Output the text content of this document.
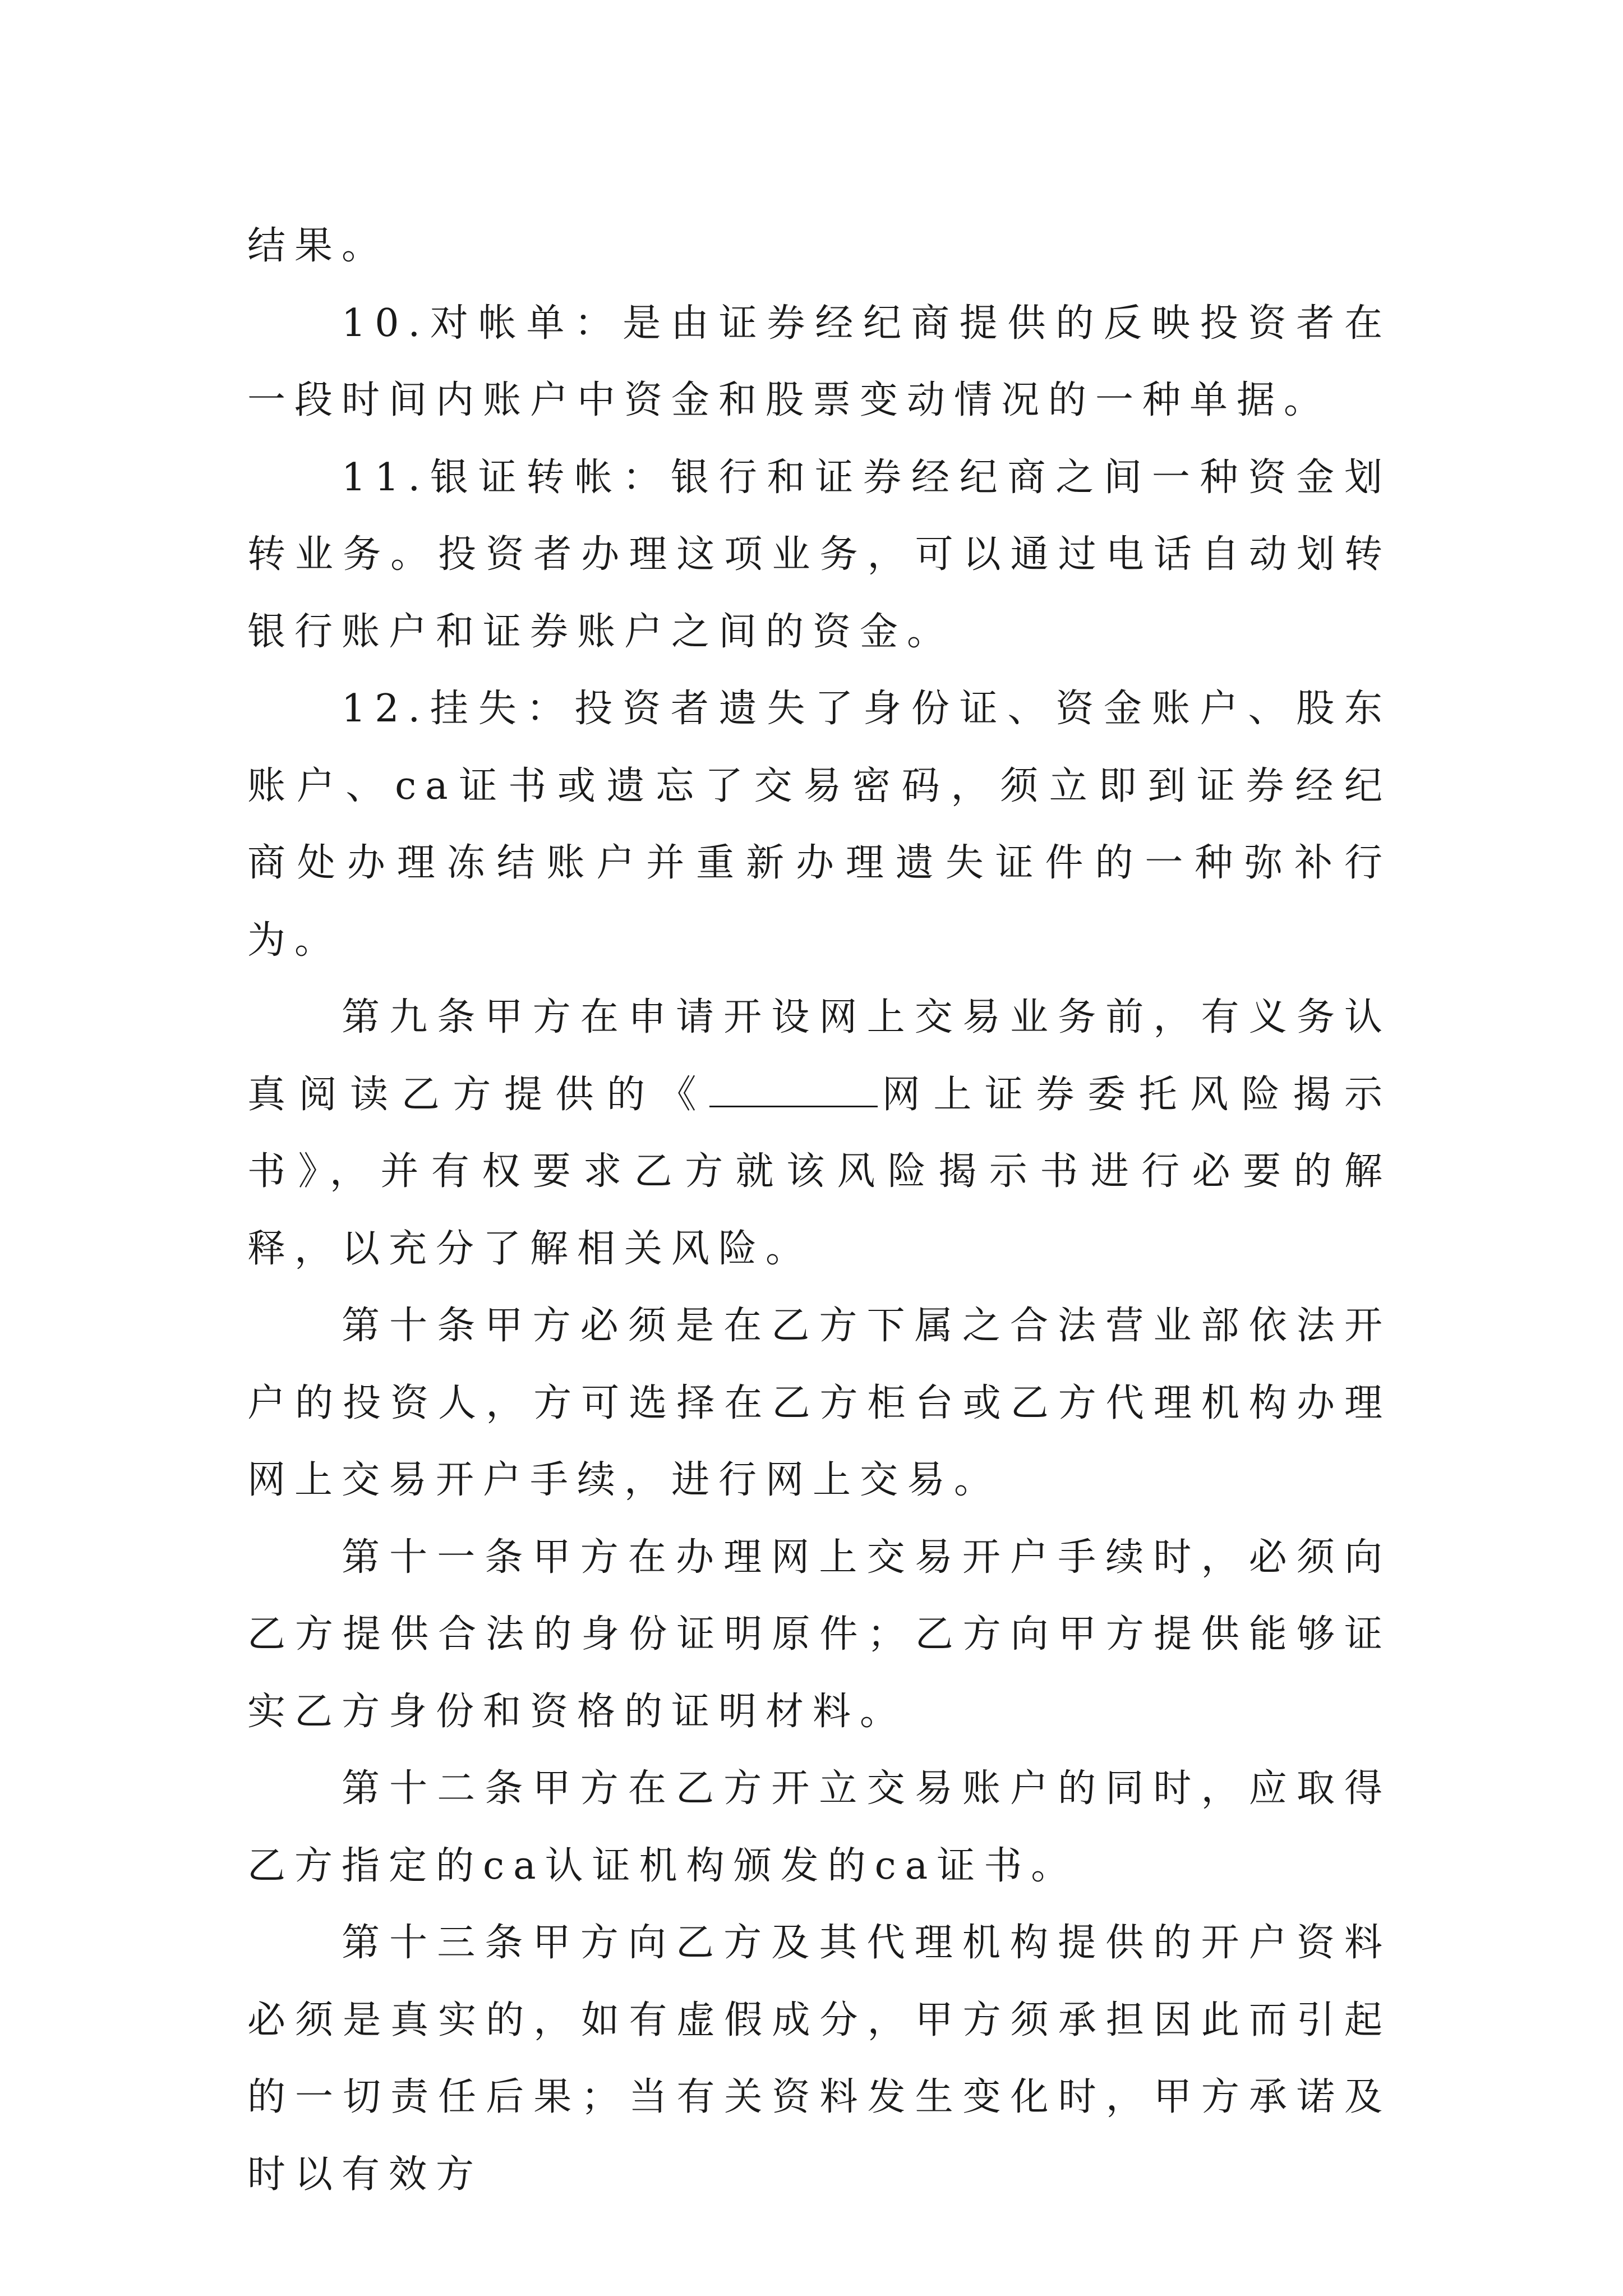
结果。

10.对帐单：是由证券经纪商提供的反映投资者在一段时间内账户中资金和股票变动情况的一种单据。

11.银证转帐：银行和证券经纪商之间一种资金划转业务。投资者办理这项业务，可以通过电话自动划转银行账户和证券账户之间的资金。

12.挂失：投资者遗失了身份证、资金账户、股东账户、ca证书或遗忘了交易密码，须立即到证券经纪商处办理冻结账户并重新办理遗失证件的一种弥补行为。

第九条甲方在申请开设网上交易业务前，有义务认真阅读乙方提供的《	网上证券委托风险揭示书》，并有权要求乙方就该风险揭示书进行必要的解释，以充分了解相关风险。

第十条甲方必须是在乙方下属之合法营业部依法开户的投资人，方可选择在乙方柜台或乙方代理机构办理网上交易开户手续，进行网上交易。

第十一条甲方在办理网上交易开户手续时，必须向乙方提供合法的身份证明原件；乙方向甲方提供能够证实乙方身份和资格的证明材料。

第十二条甲方在乙方开立交易账户的同时，应取得乙方指定的ca认证机构颁发的ca证书。

第十三条甲方向乙方及其代理机构提供的开户资料必须是真实的，如有虚假成分，甲方须承担因此而引起的一切责任后果；当有关资料发生变化时，甲方承诺及时以有效方
